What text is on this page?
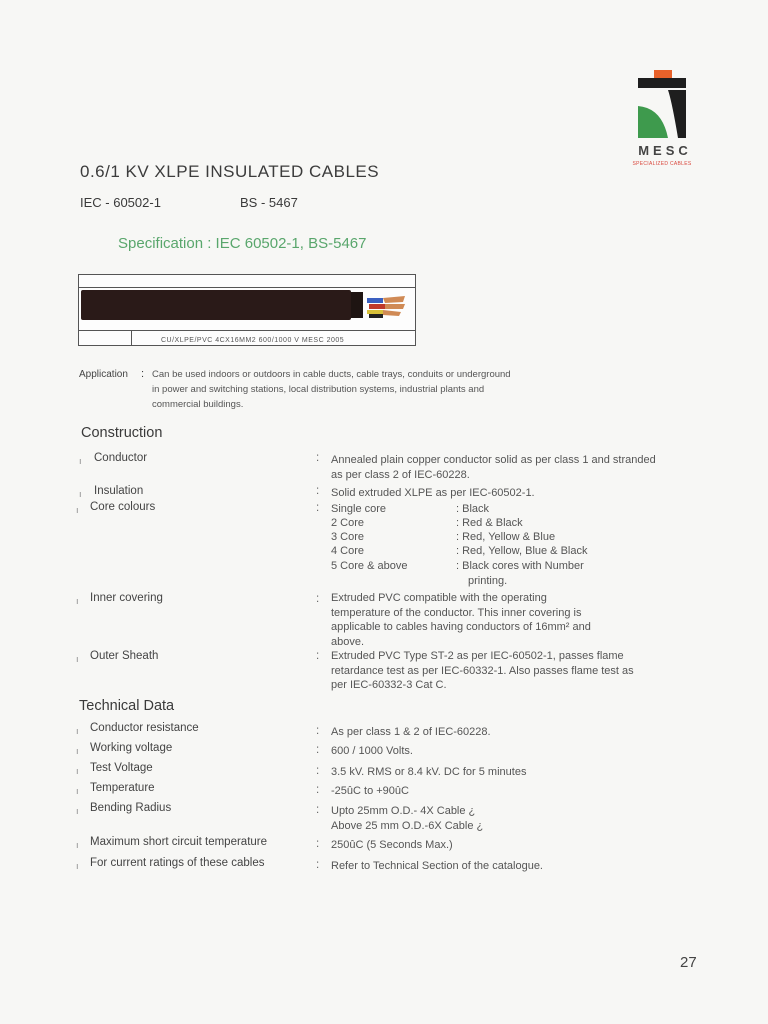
MESC
SPECIALIZED CABLES
0.6/1 KV XLPE INSULATED CABLES
IEC - 60502-1	BS - 5467
Specification : IEC 60502-1, BS-5467
CU/XLPE/PVC 4CX16MM2 600/1000 V MESC 2005
Application : Can be used indoors or outdoors in cable ducts, cable trays, conduits or underground in power and switching stations, local distribution systems, industrial plants and commercial buildings.
Construction
ı Conductor	: Annealed plain copper conductor solid as per class 1 and stranded as per class 2 of IEC-60228.
ı Insulation	: Solid extruded XLPE as per IEC-60502-1.
ı Core colours	: Single core	: Black
2 Core	: Red & Black
3 Core	: Red, Yellow & Blue
4 Core	: Red, Yellow, Blue & Black
5 Core & above	: Black cores with Number
printing.
ı Inner covering	: Extruded PVC compatible with the operating temperature of the conductor. This inner covering is applicable to cables having conductors of 16mm² and above.
ı Outer Sheath	: Extruded PVC Type ST-2 as per IEC-60502-1, passes flame retardance test as per IEC-60332-1. Also passes flame test as per IEC-60332-3 Cat C.
Technical Data
ı Conductor resistance	: As per class 1 & 2 of IEC-60228.
ı Working voltage	: 600 / 1000 Volts.
ı Test Voltage	: 3.5 kV. RMS or 8.4 kV. DC for 5 minutes
ı Temperature	: -25ûC to +90ûC
ı Bending Radius	: Upto 25mm O.D.- 4X Cable ¿
Above 25 mm O.D.-6X Cable ¿
ı Maximum short circuit temperature	: 250ûC (5 Seconds Max.)
ı For current ratings of these cables	: Refer to Technical Section of the catalogue.
27
